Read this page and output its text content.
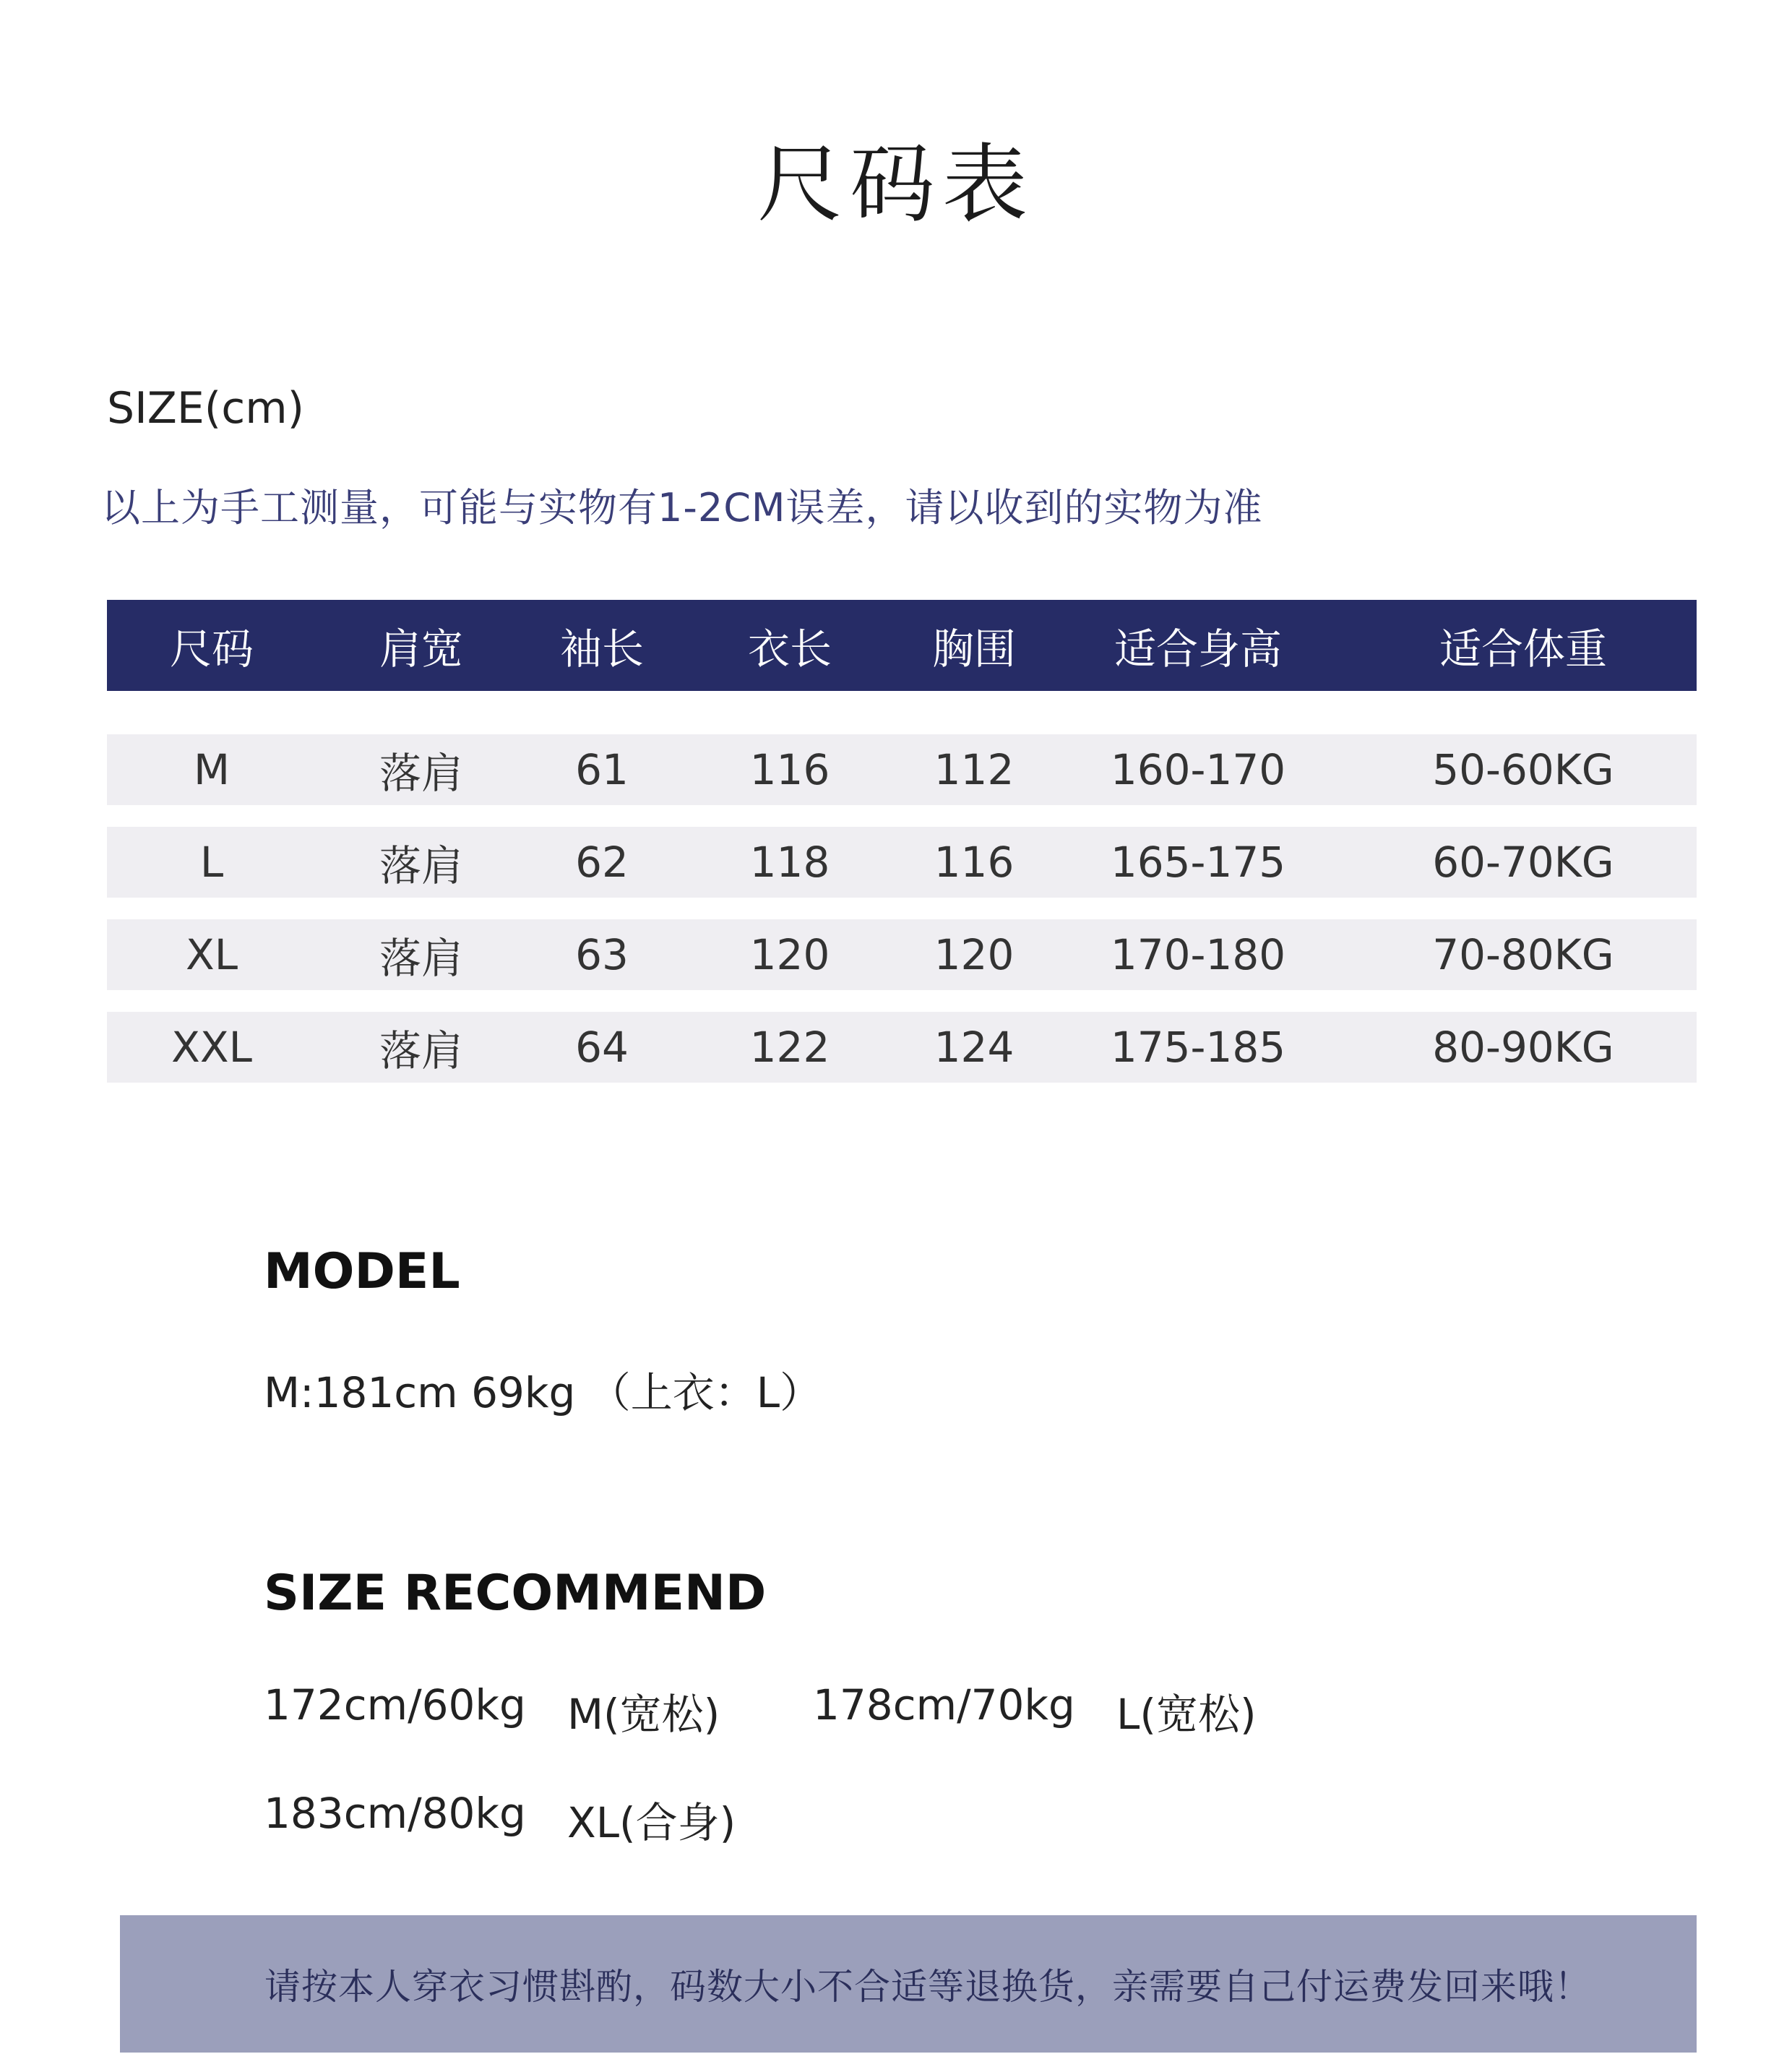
尺码表
SIZE(cm)
以上为手工测量，可能与实物有1-2CM误差，请以收到的实物为准
尺码	肩宽	袖长	衣长	胸围	适合身高	适合体重
M	落肩	61	116	112	160-170	50-60KG
L	落肩	62	118	116	165-175	60-70KG
XL	落肩	63	120	120	170-180	70-80KG
XXL	落肩	64	122	124	175-185	80-90KG
MODEL
M:181cm 69kg （上衣：L）
SIZE RECOMMEND
172cm/60kg M(宽松) 178cm/70kg L(宽松)
183cm/80kg XL(合身)
请按本人穿衣习惯斟酌，码数大小不合适等退换货，亲需要自己付运费发回来哦！
